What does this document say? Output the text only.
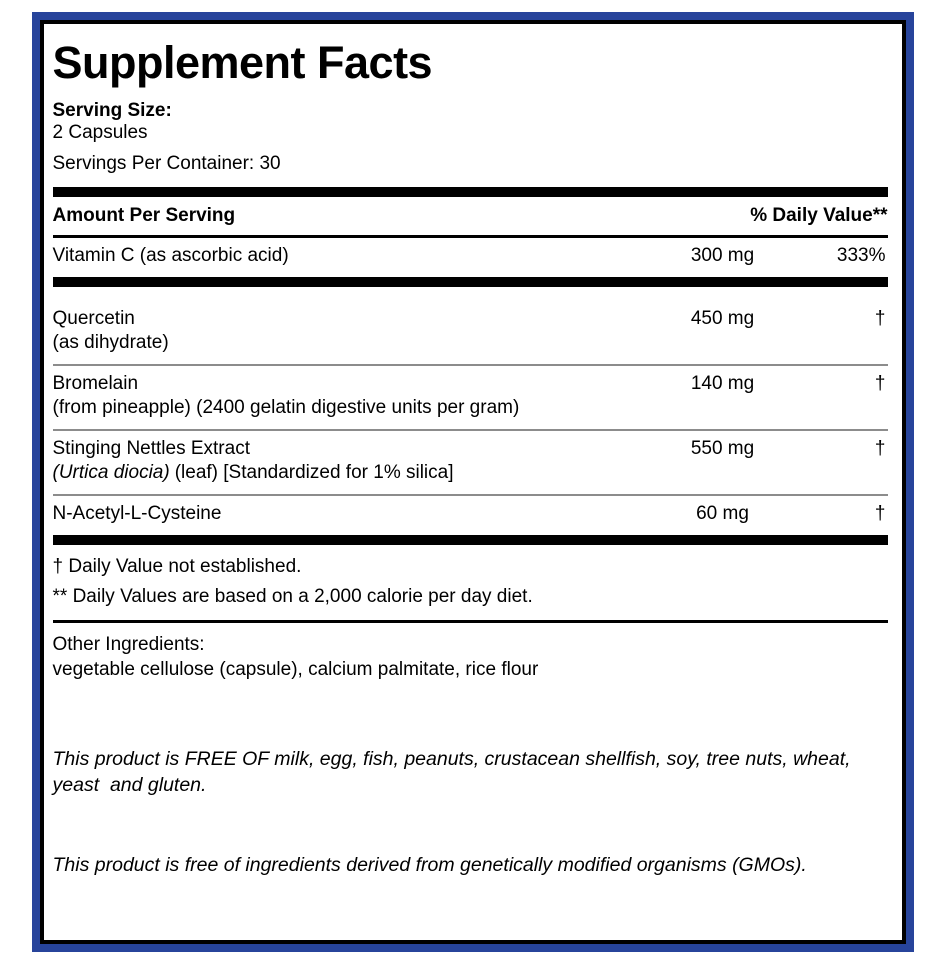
Supplement Facts
Serving Size:
2 Capsules
Servings Per Container: 30
Amount Per Serving	% Daily Value**
Vitamin C (as ascorbic acid)	300 mg	333%
Quercetin
(as dihydrate)
450 mg	†
Bromelain
(from pineapple) (2400 gelatin digestive units per gram)
140 mg	†
Stinging Nettles Extract
(Urtica diocia) (leaf) [Standardized for 1% silica]
550 mg	†
N-Acetyl-L-Cysteine	60 mg	†
† Daily Value not established.
** Daily Values are based on a 2,000 calorie per day diet.
Other Ingredients:
vegetable cellulose (capsule), calcium palmitate, rice flour

This product is FREE OF milk, egg, fish, peanuts, crustacean shellfish, soy, tree nuts, wheat, yeast  and gluten.

This product is free of ingredients derived from genetically modified organisms (GMOs).
